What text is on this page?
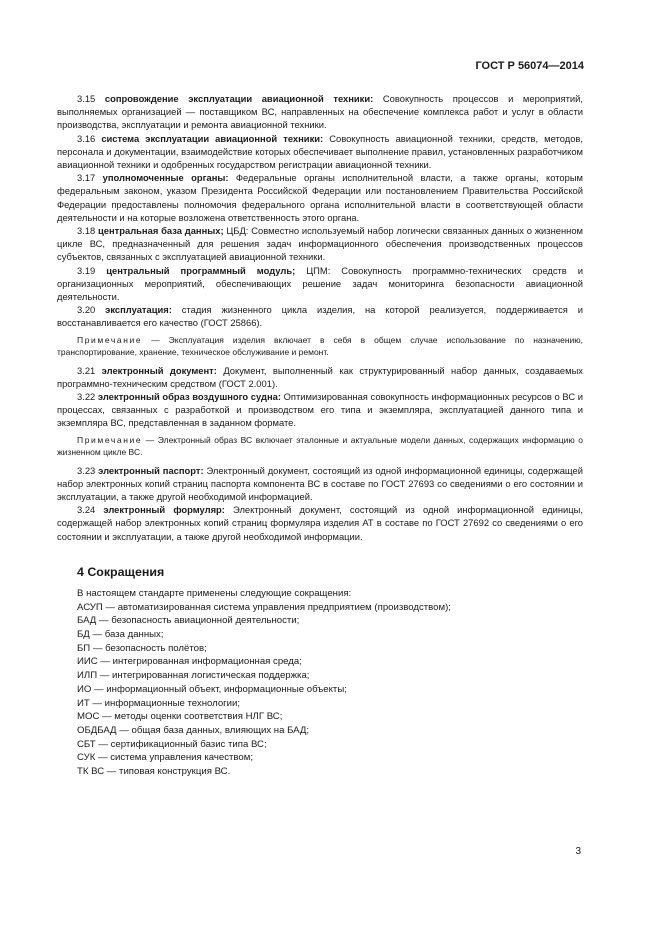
ГОСТ Р 56074—2014

3.15 сопровождение эксплуатации авиационной техники: Совокупность процессов и мероприятий, выполняемых организацией — поставщиком ВС, направленных на обеспечение комплекса работ и услуг в области производства, эксплуатации и ремонта авиационной техники.

3.16 система эксплуатации авиационной техники: Совокупность авиационной техники, средств, методов, персонала и документации, взаимодействие которых обеспечивает выполнение правил, установленных разработчиком авиационной техники и одобренных государством регистрации авиационной техники.

3.17 уполномоченные органы: Федеральные органы исполнительной власти, а также органы, которым федеральным законом, указом Президента Российской Федерации или постановлением Правительства Российской Федерации предоставлены полномочия федерального органа исполнительной власти в соответствующей области деятельности и на которые возложена ответственность этого органа.

3.18 центральная база данных; ЦБД: Совместно используемый набор логически связанных данных о жизненном цикле ВС, предназначенный для решения задач информационного обеспечения производственных процессов субъектов, связанных с эксплуатацией авиационной техники.

3.19 центральный программный модуль; ЦПМ: Совокупность программно-технических средств и организационных мероприятий, обеспечивающих решение задач мониторинга безопасности авиационной деятельности.

3.20 эксплуатация: стадия жизненного цикла изделия, на которой реализуется, поддерживается и восстанавливается его качество (ГОСТ 25866).

Примечание — Эксплуатация изделия включает в себя в общем случае использование по назначению, транспортирование, хранение, техническое обслуживание и ремонт.

3.21 электронный документ: Документ, выполненный как структурированный набор данных, создаваемых программно-техническим средством (ГОСТ 2.001).

3.22 электронный образ воздушного судна: Оптимизированная совокупность информационных ресурсов о ВС и процессах, связанных с разработкой и производством его типа и экземпляра, эксплуатацией данного типа и экземпляра ВС, представленная в заданном формате.

Примечание — Электронный образ ВС включает эталонные и актуальные модели данных, содержащих информацию о жизненном цикле ВС.

3.23 электронный паспорт: Электронный документ, состоящий из одной информационной единицы, содержащей набор электронных копий страниц паспорта компонента ВС в составе по ГОСТ 27693 со сведениями о его состоянии и эксплуатации, а также другой необходимой информацией.

3.24 электронный формуляр: Электронный документ, состоящий из одной информационной единицы, содержащей набор электронных копий страниц формуляра изделия АТ в составе по ГОСТ 27692 со сведениями о его состоянии и эксплуатации, а также другой необходимой информации.

4 Сокращения
В настоящем стандарте применены следующие сокращения:
АСУП — автоматизированная система управления предприятием (производством);
БАД — безопасность авиационной деятельности;
БД — база данных;
БП — безопасность полётов;
ИИС — интегрированная информационная среда;
ИЛП — интегрированная логистическая поддержка;
ИО — информационный объект, информационные объекты;
ИТ — информационные технологии;
МОС — методы оценки соответствия НЛГ ВС;
ОБДБАД — общая база данных, влияющих на БАД;
СБТ — сертификационный базис типа ВС;
СУК — система управления качеством;
ТК ВС — типовая конструкция ВС.
3
